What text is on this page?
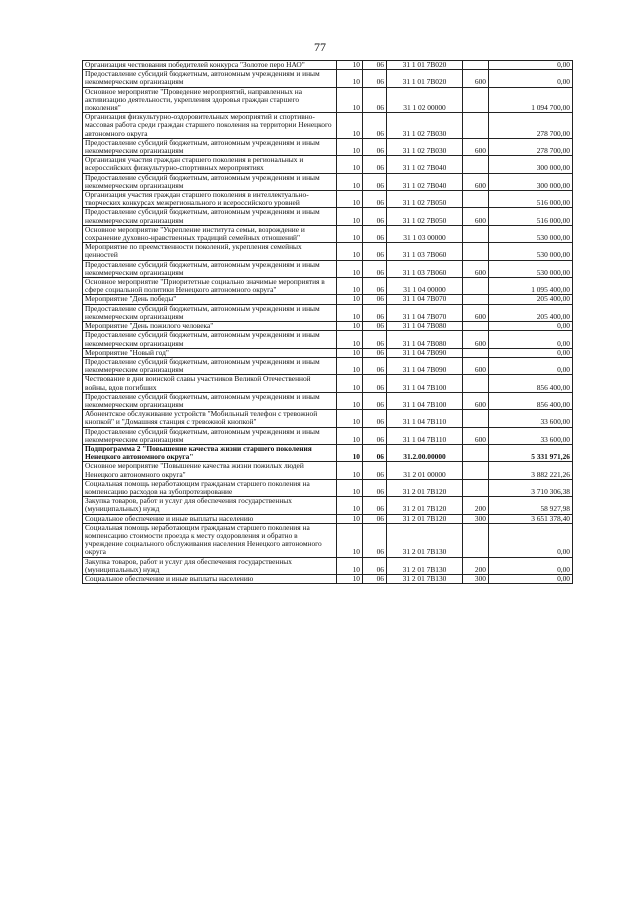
77
Организация чествования победителей конкурса "Золотое перо НАО"	10	06	31 1 01 7В020		0,00
Предоставление субсидий бюджетным, автономным учреждениям и иным некоммерческим организациям	10	06	31 1 01 7В020	600	0,00
Основное мероприятие "Проведение мероприятий, направленных на активизацию деятельности, укрепления здоровья граждан старшего поколения"	10	06	31 1 02 00000		1 094 700,00
Организация физкультурно-оздоровительных мероприятий и спортивно-массовая работа среди граждан старшего поколения на территории Ненецкого автономного округа	10	06	31 1 02 7В030		278 700,00
Предоставление субсидий бюджетным, автономным учреждениям и иным некоммерческим организациям	10	06	31 1 02 7В030	600	278 700,00
Организация участия граждан старшего поколения в региональных и всероссийских физкультурно-спортивных мероприятиях	10	06	31 1 02 7В040		300 000,00
Предоставление субсидий бюджетным, автономным учреждениям и иным некоммерческим организациям	10	06	31 1 02 7В040	600	300 000,00
Организация участия граждан старшего поколения в интеллектуально-творческих конкурсах межрегионального и всероссийского уровней	10	06	31 1 02 7В050		516 000,00
Предоставление субсидий бюджетным, автономным учреждениям и иным некоммерческим организациям	10	06	31 1 02 7В050	600	516 000,00
Основное мероприятие "Укрепление института семьи, возрождение и сохранение духовно-нравственных традиций семейных отношений"	10	06	31 1 03 00000		530 000,00
Мероприятие по преемственности поколений, укрепления семейных ценностей	10	06	31 1 03 7В060		530 000,00
Предоставление субсидий бюджетным, автономным учреждениям и иным некоммерческим организациям	10	06	31 1 03 7В060	600	530 000,00
Основное мероприятие "Приоритетные социально значимые мероприятия в сфере социальной политики Ненецкого автономного округа"	10	06	31 1 04 00000		1 095 400,00
Мероприятие "День победы"	10	06	31 1 04 7В070		205 400,00
Предоставление субсидий бюджетным, автономным учреждениям и иным некоммерческим организациям	10	06	31 1 04 7В070	600	205 400,00
Мероприятие "День пожилого человека"	10	06	31 1 04 7В080		0,00
Предоставление субсидий бюджетным, автономным учреждениям и иным некоммерческим организациям	10	06	31 1 04 7В080	600	0,00
Мероприятие "Новый год"	10	06	31 1 04 7В090		0,00
Предоставление субсидий бюджетным, автономным учреждениям и иным некоммерческим организациям	10	06	31 1 04 7В090	600	0,00
Чествование в дни воинской славы участников Великой Отечественной войны, вдов погибших	10	06	31 1 04 7В100		856 400,00
Предоставление субсидий бюджетным, автономным учреждениям и иным некоммерческим организациям	10	06	31 1 04 7В100	600	856 400,00
Абонентское обслуживание устройств "Мобильный телефон с тревожной кнопкой" и "Домашняя станция с тревожной кнопкой"	10	06	31 1 04 7В110		33 600,00
Предоставление субсидий бюджетным, автономным учреждениям и иным некоммерческим организациям	10	06	31 1 04 7В110	600	33 600,00
Подпрограмма 2 "Повышение качества жизни старшего поколения Ненецкого автономного округа"	10	06	31.2.00.00000		5 331 971,26
Основное мероприятие "Повышение качества жизни пожилых людей Ненецкого автономного округа"	10	06	31 2 01 00000		3 882 221,26
Социальная помощь неработающим гражданам старшего поколения на компенсацию расходов на зубопротезирование	10	06	31 2 01 7В120		3 710 306,38
Закупка товаров, работ и услуг для обеспечения государственных (муниципальных) нужд	10	06	31 2 01 7В120	200	58 927,98
Социальное обеспечение и иные выплаты населению	10	06	31 2 01 7В120	300	3 651 378,40
Социальная помощь неработающим гражданам старшего поколения на компенсацию стоимости проезда к месту оздоровления и обратно в учреждение социального обслуживания населения Ненецкого автономного округа	10	06	31 2 01 7В130		0,00
Закупка товаров, работ и услуг для обеспечения государственных (муниципальных) нужд	10	06	31 2 01 7В130	200	0,00
Социальное обеспечение и иные выплаты населению	10	06	31 2 01 7В130	300	0,00
